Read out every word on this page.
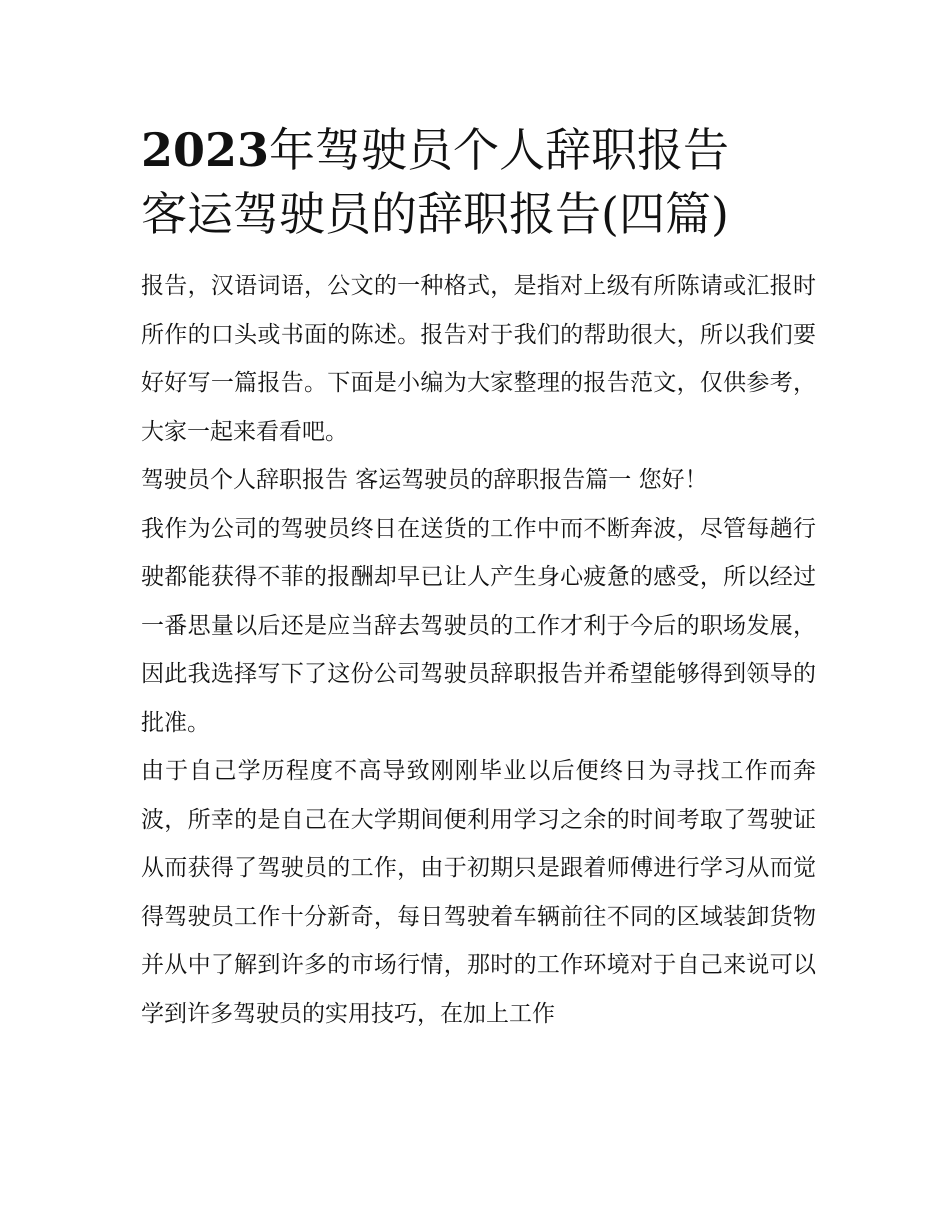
2023年驾驶员个人辞职报告
客运驾驶员的辞职报告(四篇)

报告，汉语词语，公文的一种格式，是指对上级有所陈请或汇报时所作的口头或书面的陈述。报告对于我们的帮助很大，所以我们要好好写一篇报告。下面是小编为大家整理的报告范文，仅供参考，大家一起来看看吧。

驾驶员个人辞职报告 客运驾驶员的辞职报告篇一 您好！

我作为公司的驾驶员终日在送货的工作中而不断奔波，尽管每趟行驶都能获得不菲的报酬却早已让人产生身心疲惫的感受，所以经过一番思量以后还是应当辞去驾驶员的工作才利于今后的职场发展，因此我选择写下了这份公司驾驶员辞职报告并希望能够得到领导的批准。

由于自己学历程度不高导致刚刚毕业以后便终日为寻找工作而奔波，所幸的是自己在大学期间便利用学习之余的时间考取了驾驶证从而获得了驾驶员的工作，由于初期只是跟着师傅进行学习从而觉得驾驶员工作十分新奇，每日驾驶着车辆前往不同的区域装卸货物并从中了解到许多的市场行情，那时的工作环境对于自己来说可以学到许多驾驶员的实用技巧，在加上工作
